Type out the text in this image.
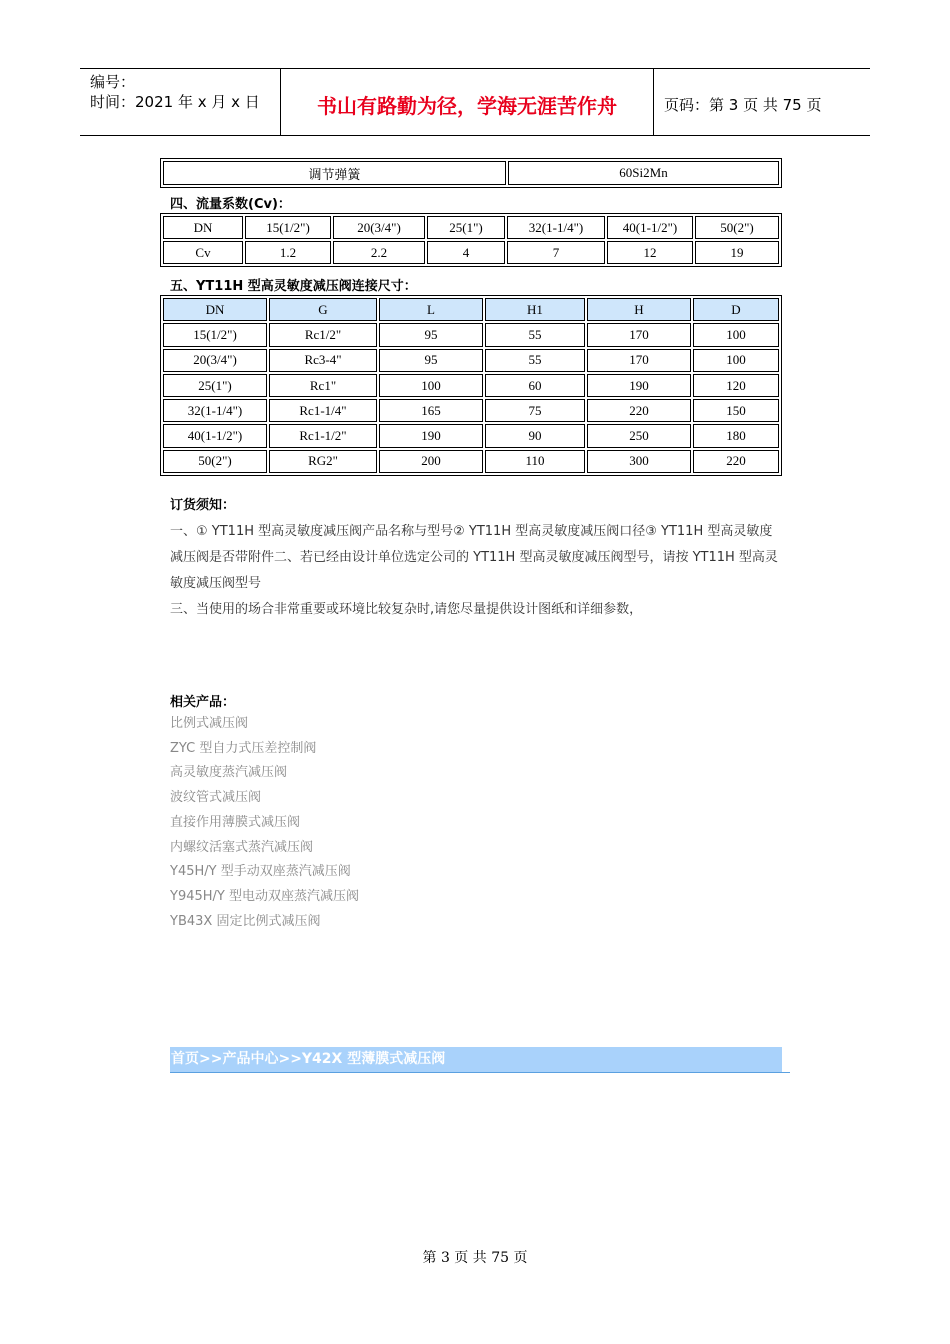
编号：
时间：2021 年 x 月 x 日	书山有路勤为径，学海无涯苦作舟	页码：第 3 页 共 75 页
调节弹簧	60Si2Mn
四、流量系数(Cv)：
DN	15(1/2")	20(3/4")	25(1")	32(1-1/4")	40(1-1/2")	50(2")
Cv	1.2	2.2	4	7	12	19
五、YT11H 型高灵敏度减压阀连接尺寸：
DN	G	L	H1	H	D
15(1/2")	Rc1/2"	95	55	170	100
20(3/4")	Rc3-4"	95	55	170	100
25(1")	Rc1"	100	60	190	120
32(1-1/4")	Rc1-1/4"	165	75	220	150
40(1-1/2")	Rc1-1/2"	190	90	250	180
50(2")	RG2"	200	110	300	220
订货须知：
一、① YT11H 型高灵敏度减压阀产品名称与型号② YT11H 型高灵敏度减压阀口径③ YT11H 型高灵敏度减压阀是否带附件二、若已经由设计单位选定公司的 YT11H 型高灵敏度减压阀型号，请按 YT11H 型高灵敏度减压阀型号
三、当使用的场合非常重要或环境比较复杂时,请您尽量提供设计图纸和详细参数，
相关产品：
比例式减压阀
ZYC 型自力式压差控制阀
高灵敏度蒸汽减压阀
波纹管式减压阀
直接作用薄膜式减压阀
内螺纹活塞式蒸汽减压阀
Y45H/Y 型手动双座蒸汽减压阀
Y945H/Y 型电动双座蒸汽减压阀
YB43X 固定比例式减压阀
首页>>产品中心>>Y42X 型薄膜式减压阀
第 3 页 共 75 页
